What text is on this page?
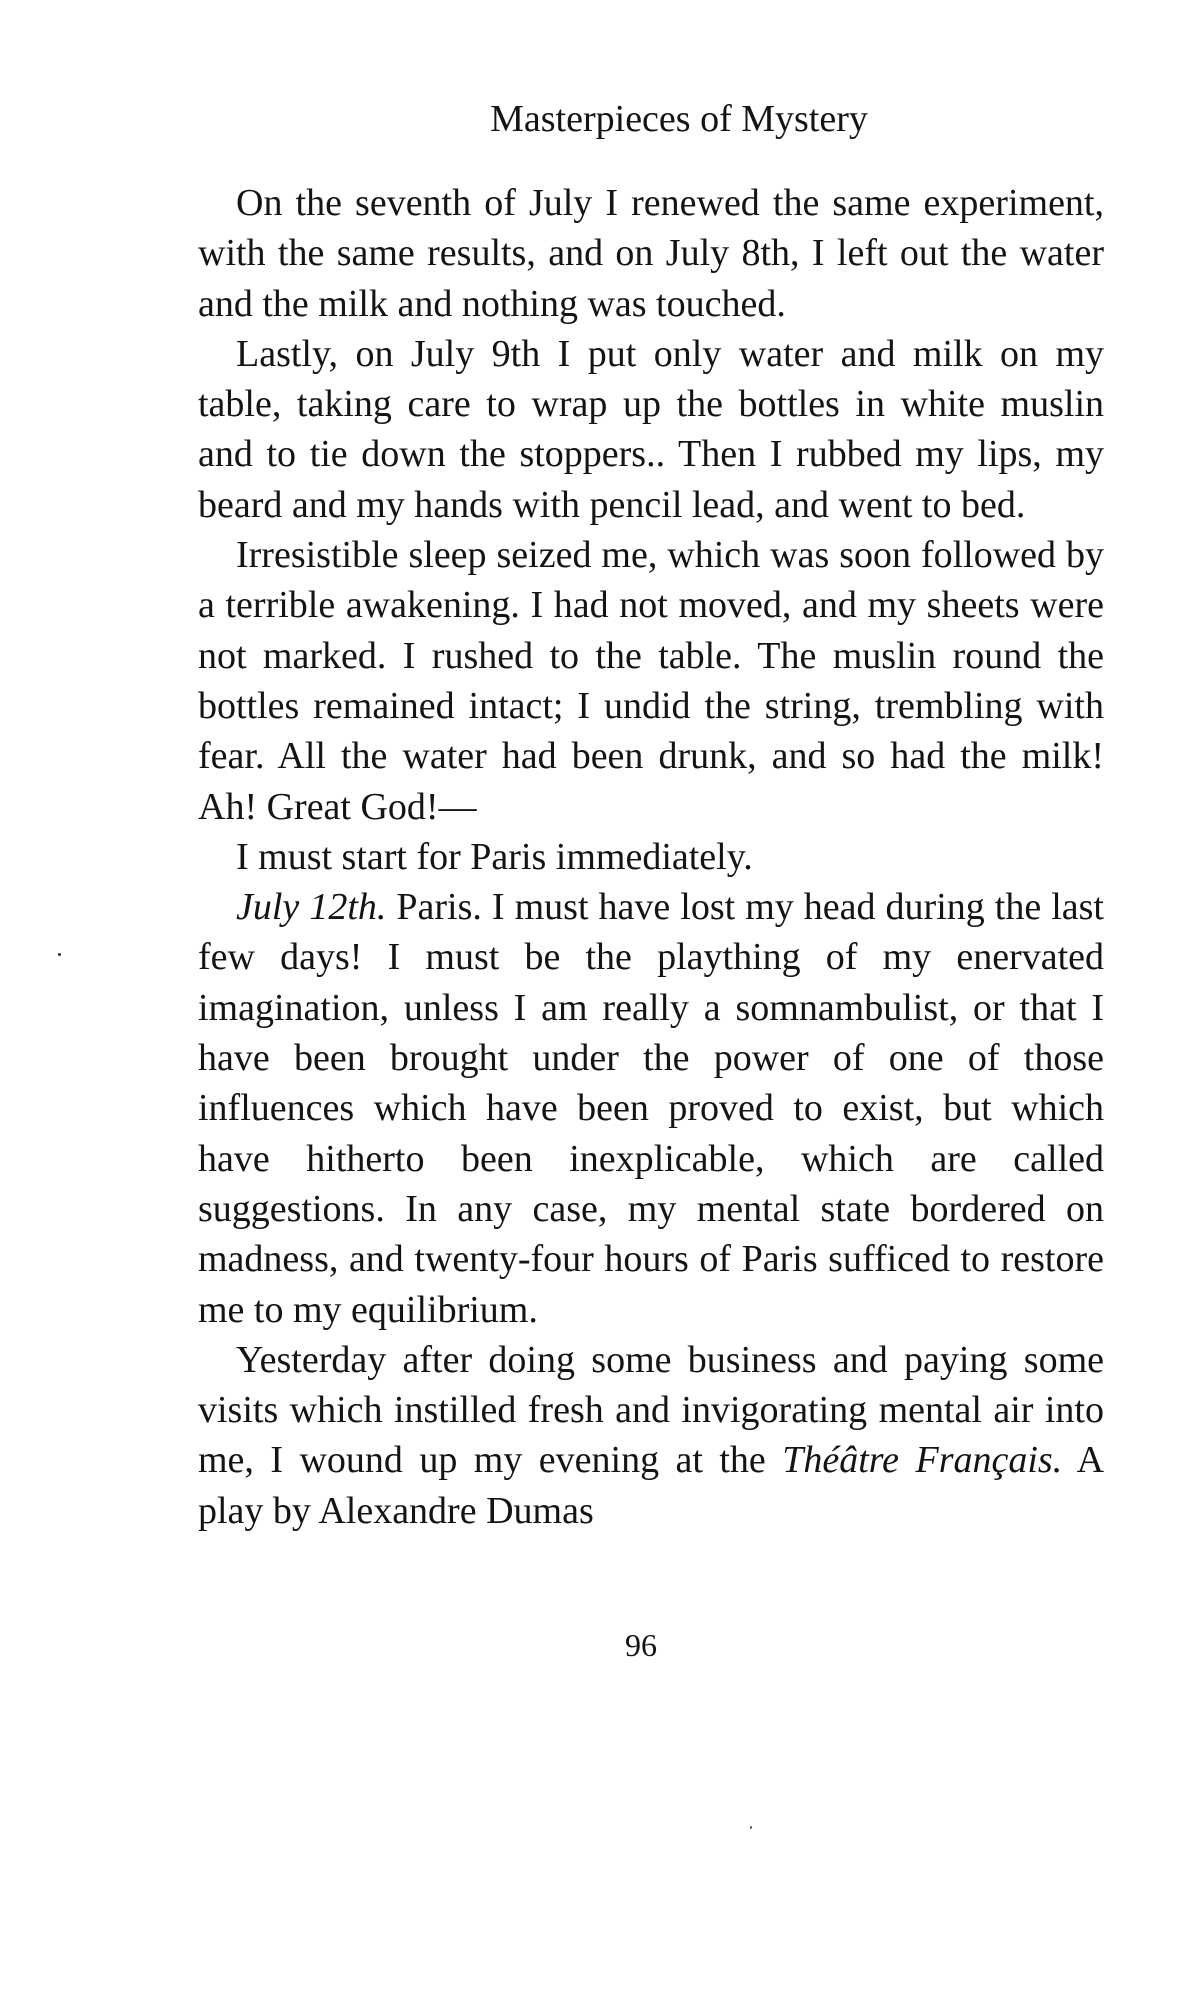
Masterpieces of Mystery

On the seventh of July I renewed the same experiment, with the same results, and on July 8th, I left out the water and the milk and nothing was touched.

Lastly, on July 9th I put only water and milk on my table, taking care to wrap up the bottles in white muslin and to tie down the stoppers.. Then I rubbed my lips, my beard and my hands with pencil lead, and went to bed.

Irresistible sleep seized me, which was soon followed by a terrible awakening. I had not moved, and my sheets were not marked. I rushed to the table. The muslin round the bottles remained intact; I undid the string, trembling with fear. All the water had been drunk, and so had the milk! Ah! Great God!—

I must start for Paris immediately.

July 12th. Paris. I must have lost my head during the last few days! I must be the plaything of my enervated imagination, unless I am really a somnambulist, or that I have been brought under the power of one of those influences which have been proved to exist, but which have hitherto been inexplicable, which are called suggestions. In any case, my mental state bordered on madness, and twenty-four hours of Paris sufficed to restore me to my equilibrium.

Yesterday after doing some business and paying some visits which instilled fresh and invigorating mental air into me, I wound up my evening at the Théâtre Français. A play by Alexandre Dumas

96
